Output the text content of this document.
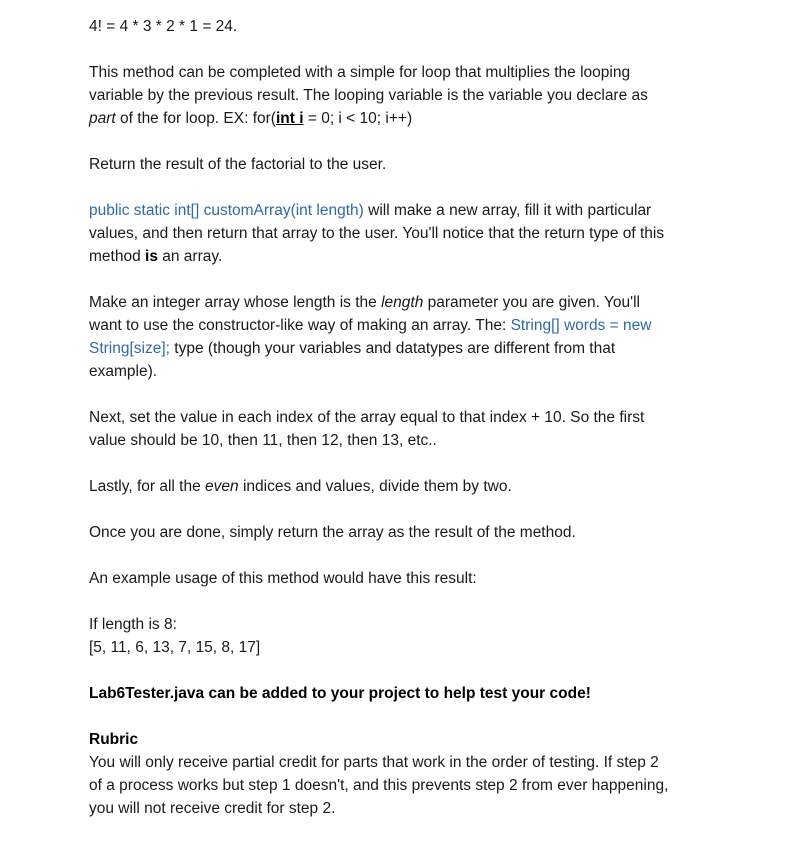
4! = 4 * 3 * 2 * 1 = 24.
This method can be completed with a simple for loop that multiplies the looping
variable by the previous result. The looping variable is the variable you declare as
part of the for loop. EX: for(int i = 0; i < 10; i++)
Return the result of the factorial to the user.
public static int[] customArray(int length) will make a new array, fill it with particular
values, and then return that array to the user. You'll notice that the return type of this
method is an array.
Make an integer array whose length is the length parameter you are given. You'll
want to use the constructor-like way of making an array. The: String[] words = new
String[size]; type (though your variables and datatypes are different from that
example).
Next, set the value in each index of the array equal to that index + 10. So the first
value should be 10, then 11, then 12, then 13, etc..
Lastly, for all the even indices and values, divide them by two.
Once you are done, simply return the array as the result of the method.
An example usage of this method would have this result:
If length is 8:
[5, 11, 6, 13, 7, 15, 8, 17]
Lab6Tester.java can be added to your project to help test your code!
Rubric
You will only receive partial credit for parts that work in the order of testing. If step 2
of a process works but step 1 doesn't, and this prevents step 2 from ever happening,
you will not receive credit for step 2.
